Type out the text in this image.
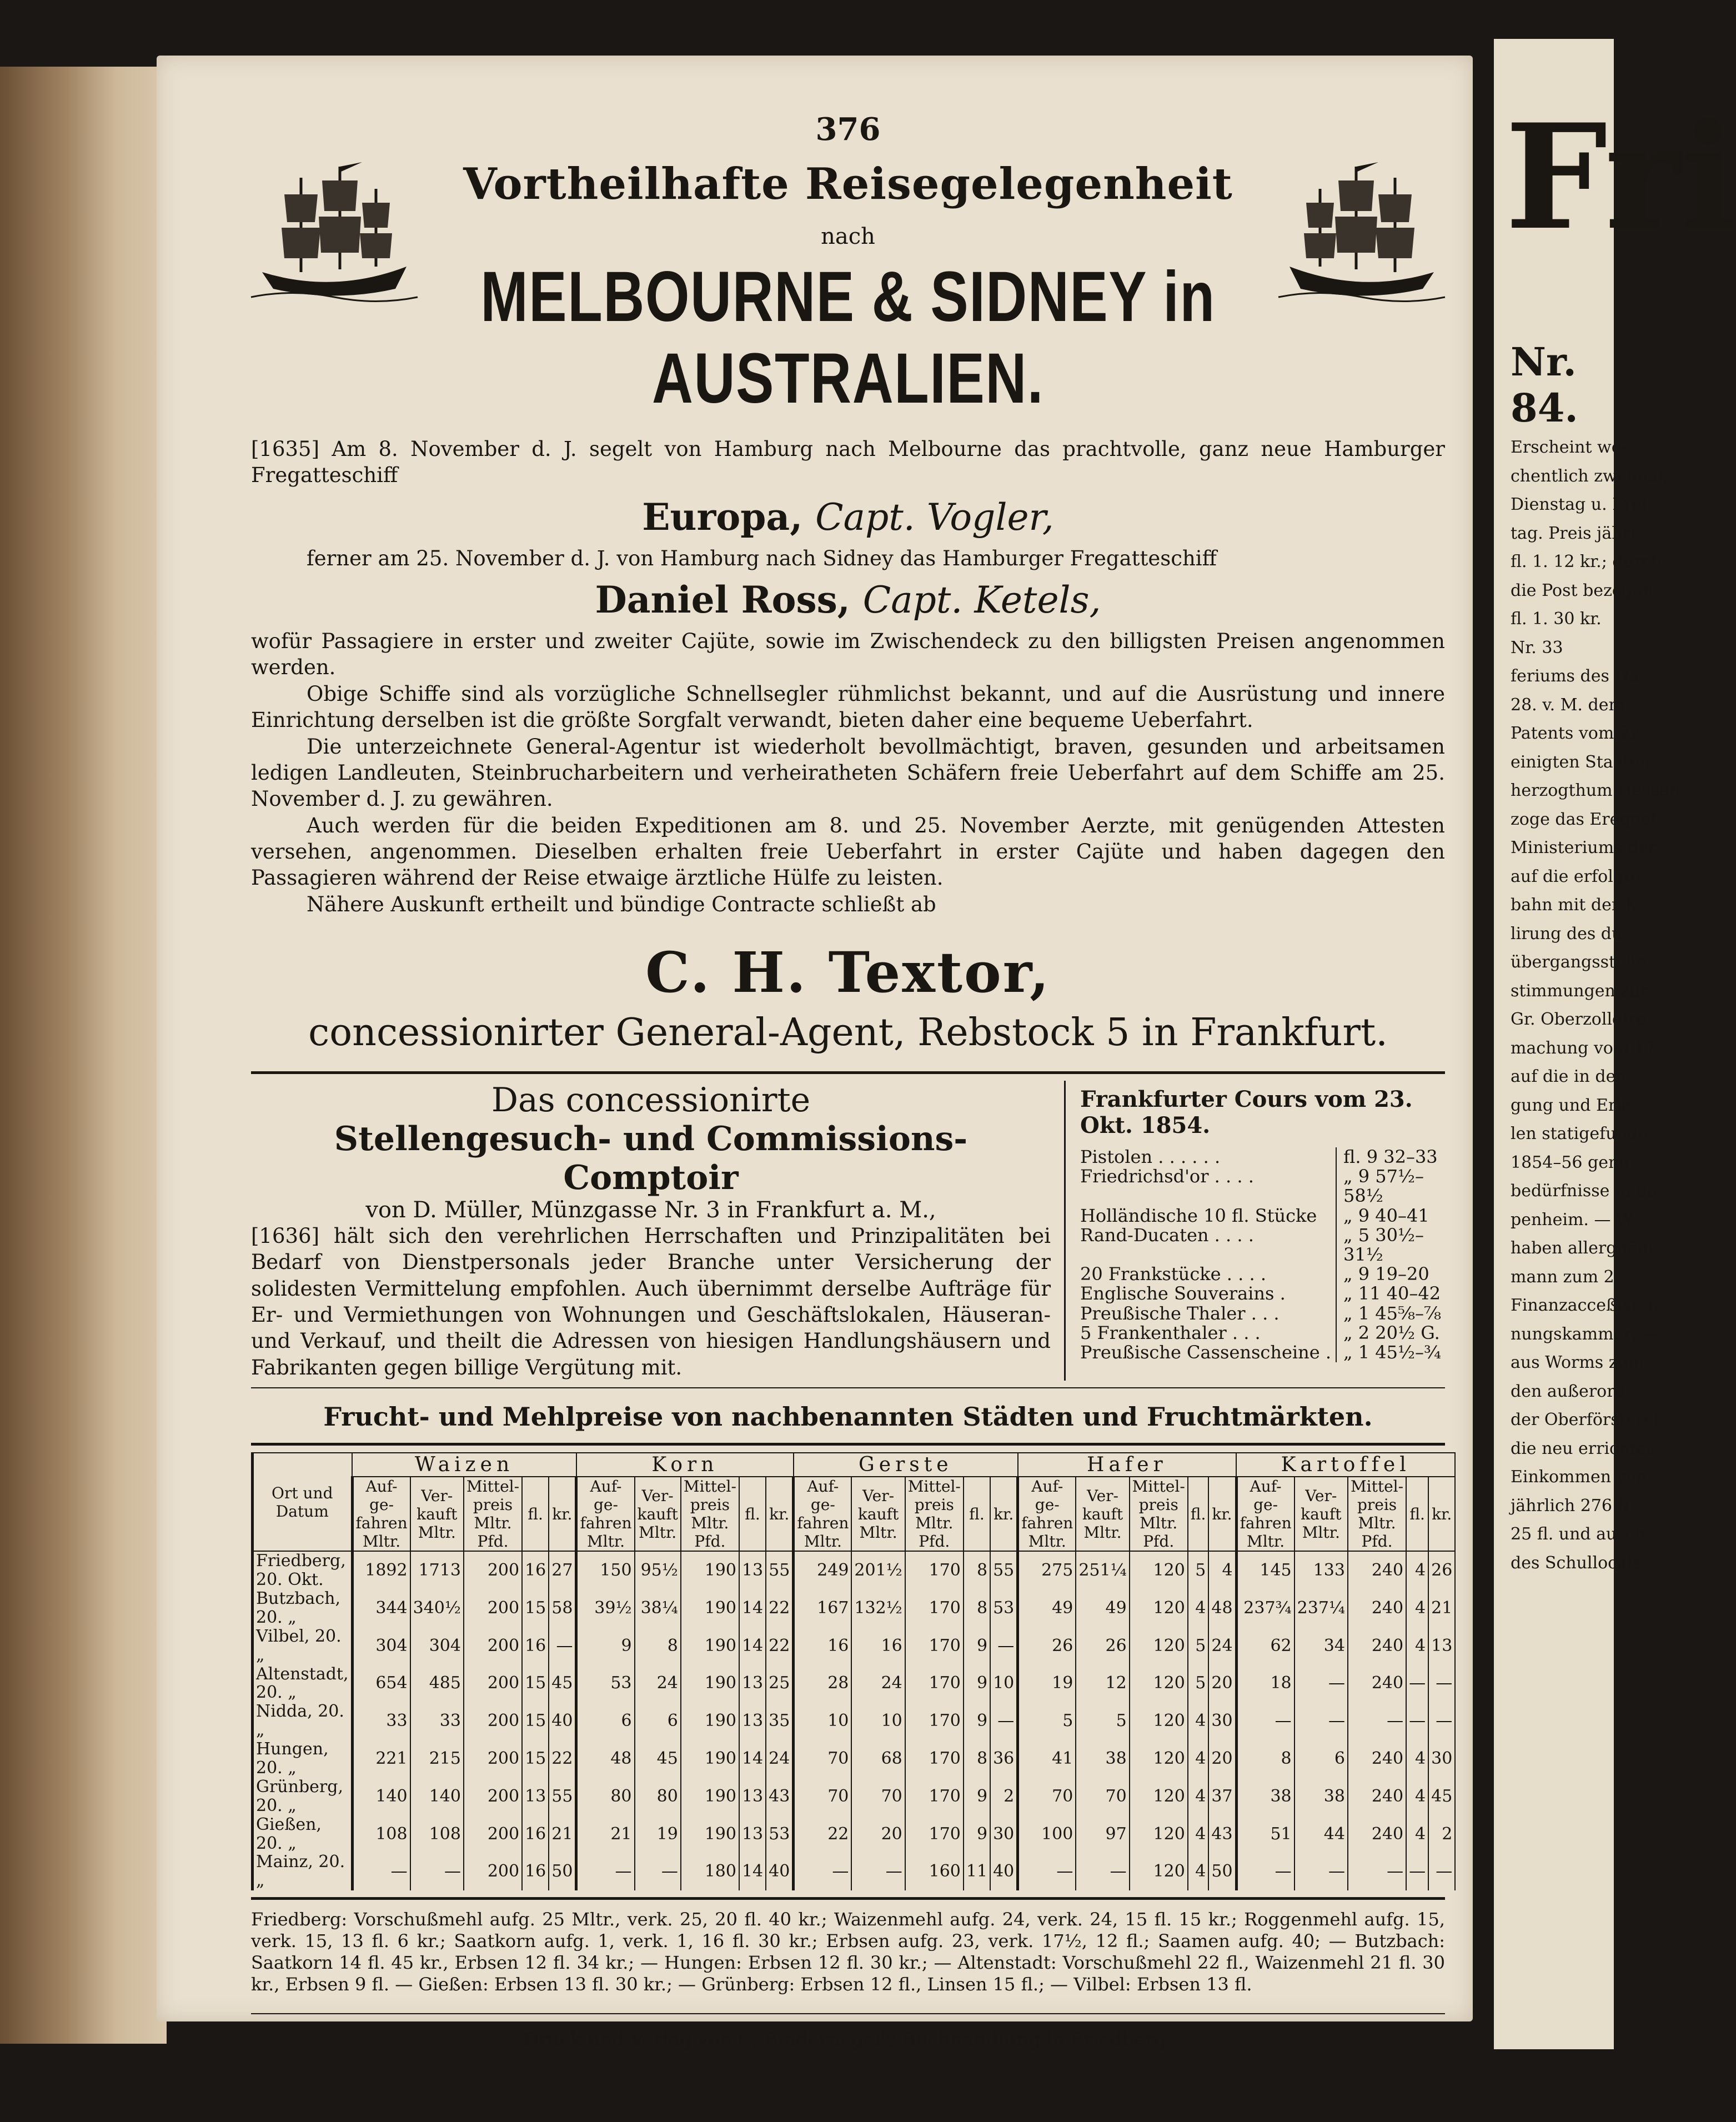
376
Vortheilhafte Reisegelegenheit
nach
MELBOURNE & SIDNEY in AUSTRALIEN.

[1635] Am 8. November d. J. segelt von Hamburg nach Melbourne das prachtvolle, ganz neue Hamburger Fregatteschiff

Europa, Capt. Vogler,

ferner am 25. November d. J. von Hamburg nach Sidney das Hamburger Fregatteschiff

Daniel Ross, Capt. Ketels,

wofür Passagiere in erster und zweiter Cajüte, sowie im Zwischendeck zu den billigsten Preisen angenommen werden.

Obige Schiffe sind als vorzügliche Schnellsegler rühmlichst bekannt, und auf die Ausrüstung und innere Einrichtung derselben ist die größte Sorgfalt verwandt, bieten daher eine bequeme Ueberfahrt.

Die unterzeichnete General-Agentur ist wiederholt bevollmächtigt, braven, gesunden und arbeitsamen ledigen Landleuten, Steinbrucharbeitern und verheiratheten Schäfern freie Ueberfahrt auf dem Schiffe am 25. November d. J. zu gewähren.

Auch werden für die beiden Expeditionen am 8. und 25. November Aerzte, mit genügenden Attesten versehen, angenommen. Dieselben erhalten freie Ueberfahrt in erster Cajüte und haben dagegen den Passagieren während der Reise etwaige ärztliche Hülfe zu leisten.

Nähere Auskunft ertheilt und bündige Contracte schließt ab

C. H. Textor,
concessionirter General-Agent, Rebstock 5 in Frankfurt.
Das concessionirte
Stellengesuch- und Commissions-Comptoir
von D. Müller, Münzgasse Nr. 3 in Frankfurt a. M.,

[1636] hält sich den verehrlichen Herrschaften und Prinzipalitäten bei Bedarf von Dienstpersonals jeder Branche unter Versicherung der solidesten Vermittelung empfohlen. Auch übernimmt derselbe Aufträge für Er- und Vermiethungen von Wohnungen und Geschäftslokalen, Häuseran- und Verkauf, und theilt die Adressen von hiesigen Handlungshäusern und Fabrikanten gegen billige Vergütung mit.

Frankfurter Cours vom 23. Okt. 1854.
Pistolen . . . . . .	fl. 9 32–33
Friedrichsd'or . . . .	„ 9 57½–58½
Holländische 10 fl. Stücke	„ 9 40–41
Rand-Ducaten . . . .	„ 5 30½–31½
20 Frankstücke . . . .	„ 9 19–20
Englische Souverains .	„ 11 40–42
Preußische Thaler . . .	„ 1 45⅝–⅞
5 Frankenthaler . . .	„ 2 20½ G.
Preußische Cassenscheine . „ 1 45½–¾
Frucht- und Mehlpreise von nachbenannten Städten und Fruchtmärkten.
Ort und Datum	Waizen					Korn					Gerste					Hafer					Kartoffel				
	Auf-ge-fahren Mltr.	Ver-kauft Mltr.	Mittel-preis Mltr. Pfd.	fl.	kr.	Auf-ge-fahren Mltr.	Ver-kauft Mltr.	Mittel-preis Mltr. Pfd.	fl.	kr.	Auf-ge-fahren Mltr.	Ver-kauft Mltr.	Mittel-preis Mltr. Pfd.	fl.	kr.	Auf-ge-fahren Mltr.	Ver-kauft Mltr.	Mittel-preis Mltr. Pfd.	fl.	kr.	Auf-ge-fahren Mltr.	Ver-kauft Mltr.	Mittel-preis Mltr. Pfd.	fl.	kr.
Friedberg, 20. Okt.	1892	1713	200	16	27	150	95½	190	13	55	249	201½	170	8	55	275	251¼	120	5	4	145	133	240	4	26
Butzbach, 20. „	344	340½	200	15	58	39½	38¼	190	14	22	167	132½	170	8	53	49	49	120	4	48	237¾	237¼	240	4	21
Vilbel, 20. „	304	304	200	16	—	9	8	190	14	22	16	16	170	9	—	26	26	120	5	24	62	34	240	4	13
Altenstadt, 20. „	654	485	200	15	45	53	24	190	13	25	28	24	170	9	10	19	12	120	5	20	18	—	240	—	—
Nidda, 20. „	33	33	200	15	40	6	6	190	13	35	10	10	170	9	—	5	5	120	4	30	—	—	—	—	—
Hungen, 20. „	221	215	200	15	22	48	45	190	14	24	70	68	170	8	36	41	38	120	4	20	8	6	240	4	30
Grünberg, 20. „	140	140	200	13	55	80	80	190	13	43	70	70	170	9	2	70	70	120	4	37	38	38	240	4	45
Gießen, 20. „	108	108	200	16	21	21	19	190	13	53	22	20	170	9	30	100	97	120	4	43	51	44	240	4	2
Mainz, 20. „	—	—	200	16	50	—	—	180	14	40	—	—	160	11	40	—	—	120	4	50	—	—	—	—	—

Friedberg: Vorschußmehl aufg. 25 Mltr., verk. 25, 20 fl. 40 kr.; Waizenmehl aufg. 24, verk. 24, 15 fl. 15 kr.; Roggenmehl aufg. 15, verk. 15, 13 fl. 6 kr.; Saatkorn aufg. 1, verk. 1, 16 fl. 30 kr.; Erbsen aufg. 23, verk. 17½, 12 fl.; Saamen aufg. 40; — Butzbach: Saatkorn 14 fl. 45 kr., Erbsen 12 fl. 34 kr.; — Hungen: Erbsen 12 fl. 30 kr.; — Altenstadt: Vorschußmehl 22 fl., Waizenmehl 21 fl. 30 kr., Erbsen 9 fl. — Gießen: Erbsen 13 fl. 30 kr.; — Grünberg: Erbsen 12 fl., Linsen 15 fl.; — Vilbel: Erbsen 13 fl.

Druck und Verlag von C. Bindernagel's Buchhandlung in Friedberg.
Fri
Nr. 84.
Erscheint wö-
chentlich zweimal,
Dienstag u. Frei-
tag. Preis jährl.
fl. 1. 12 kr.; durch
die Post bezogen
fl. 1. 30 kr.
Nr. 33
feriums des Ha
28. v. M. dem
Patents vom 22
einigten Staaten
herzogthum Hessen
zoge das Erequat
Ministeriums der
auf die erfolgte
bahn mit der K
lirung des du
übergangsstelle
stimmungen zur
Gr. Oberzolldire
machung vom 17
auf die in den
gung und Erle
len statigefunde
1854–56 genü
bedürfnisse in de
penheim. — W
haben allergnädi
mann zum 2.
Finanzacceßisten
nungskammer; —
aus Worms zum
den außerord.
der Oberförsterei
die neu errichtet
Einkommen von
jährlich 276 fl.
25 fl. und ausch
des Schullocals.
